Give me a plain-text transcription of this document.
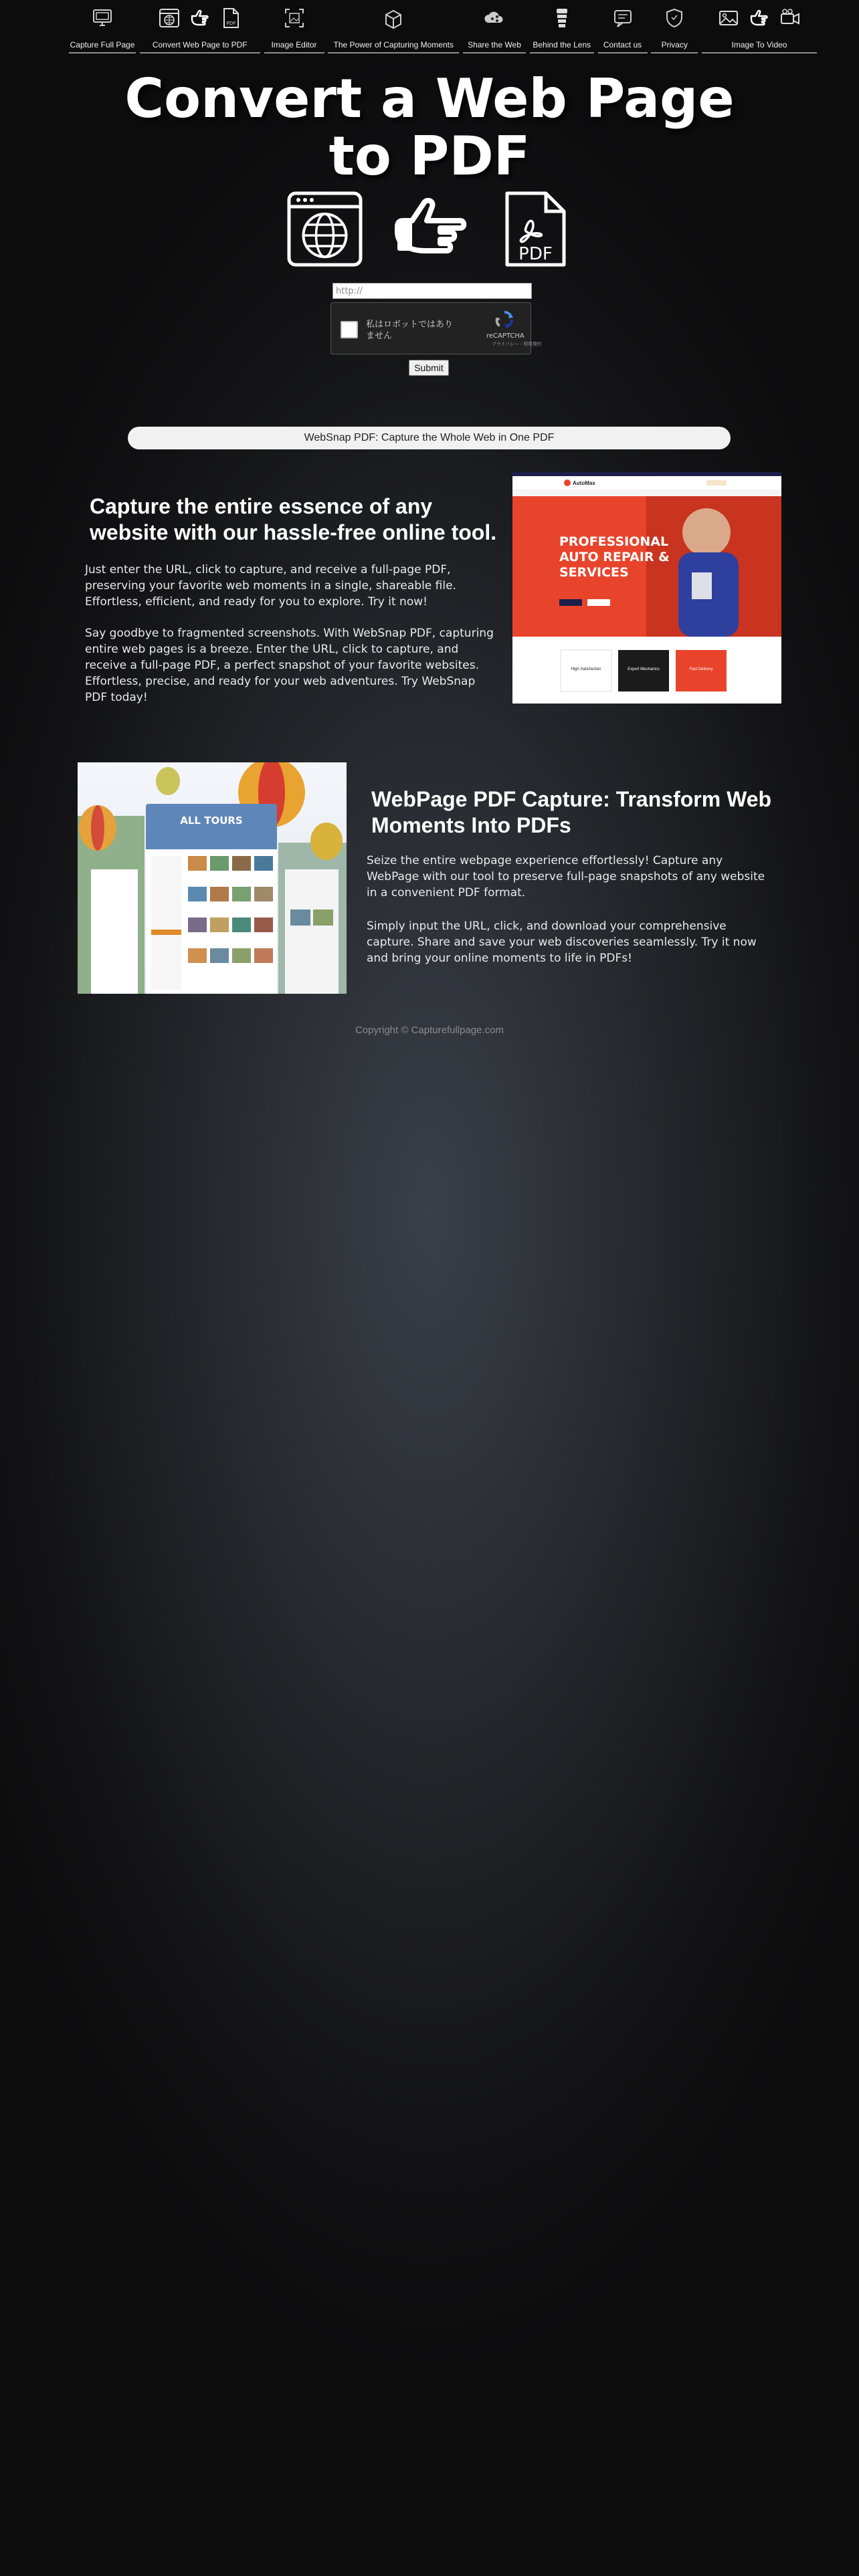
Capture Full Page
PDF
Convert Web Page to PDF	Image Editor The Power of Capturing Moments Share the Web Behind the Lens Contact us Privacy	Image To Video
Convert a Web Page to PDF
PDF
http://
私はロボットではありません	reCAPTCHA
プライバシー - 利用規約
Submit
WebSnap PDF: Capture the Whole Web in One PDF
Capture the entire essence of any website with our hassle-free online tool.

Just enter the URL, click to capture, and receive a full-page PDF, preserving your favorite web moments in a single, shareable file. Effortless, efficient, and ready for you to explore. Try it now!

Say goodbye to fragmented screenshots. With WebSnap PDF, capturing entire web pages is a breeze. Enter the URL, click to capture, and receive a full-page PDF, a perfect snapshot of your favorite websites. Effortless, precise, and ready for your web adventures. Try WebSnap PDF today!

AutoMax
PROFESSIONAL
AUTO REPAIR &
SERVICES
High Satisfaction	Expert Mechanics	Fast Delivery
ALL TOURS
WebPage PDF Capture: Transform Web Moments Into PDFs

Seize the entire webpage experience effortlessly! Capture any WebPage with our tool to preserve full-page snapshots of any website in a convenient PDF format.

Simply input the URL, click, and download your comprehensive capture. Share and save your web discoveries seamlessly. Try it now and bring your online moments to life in PDFs!

Copyright © Capturefullpage.com
